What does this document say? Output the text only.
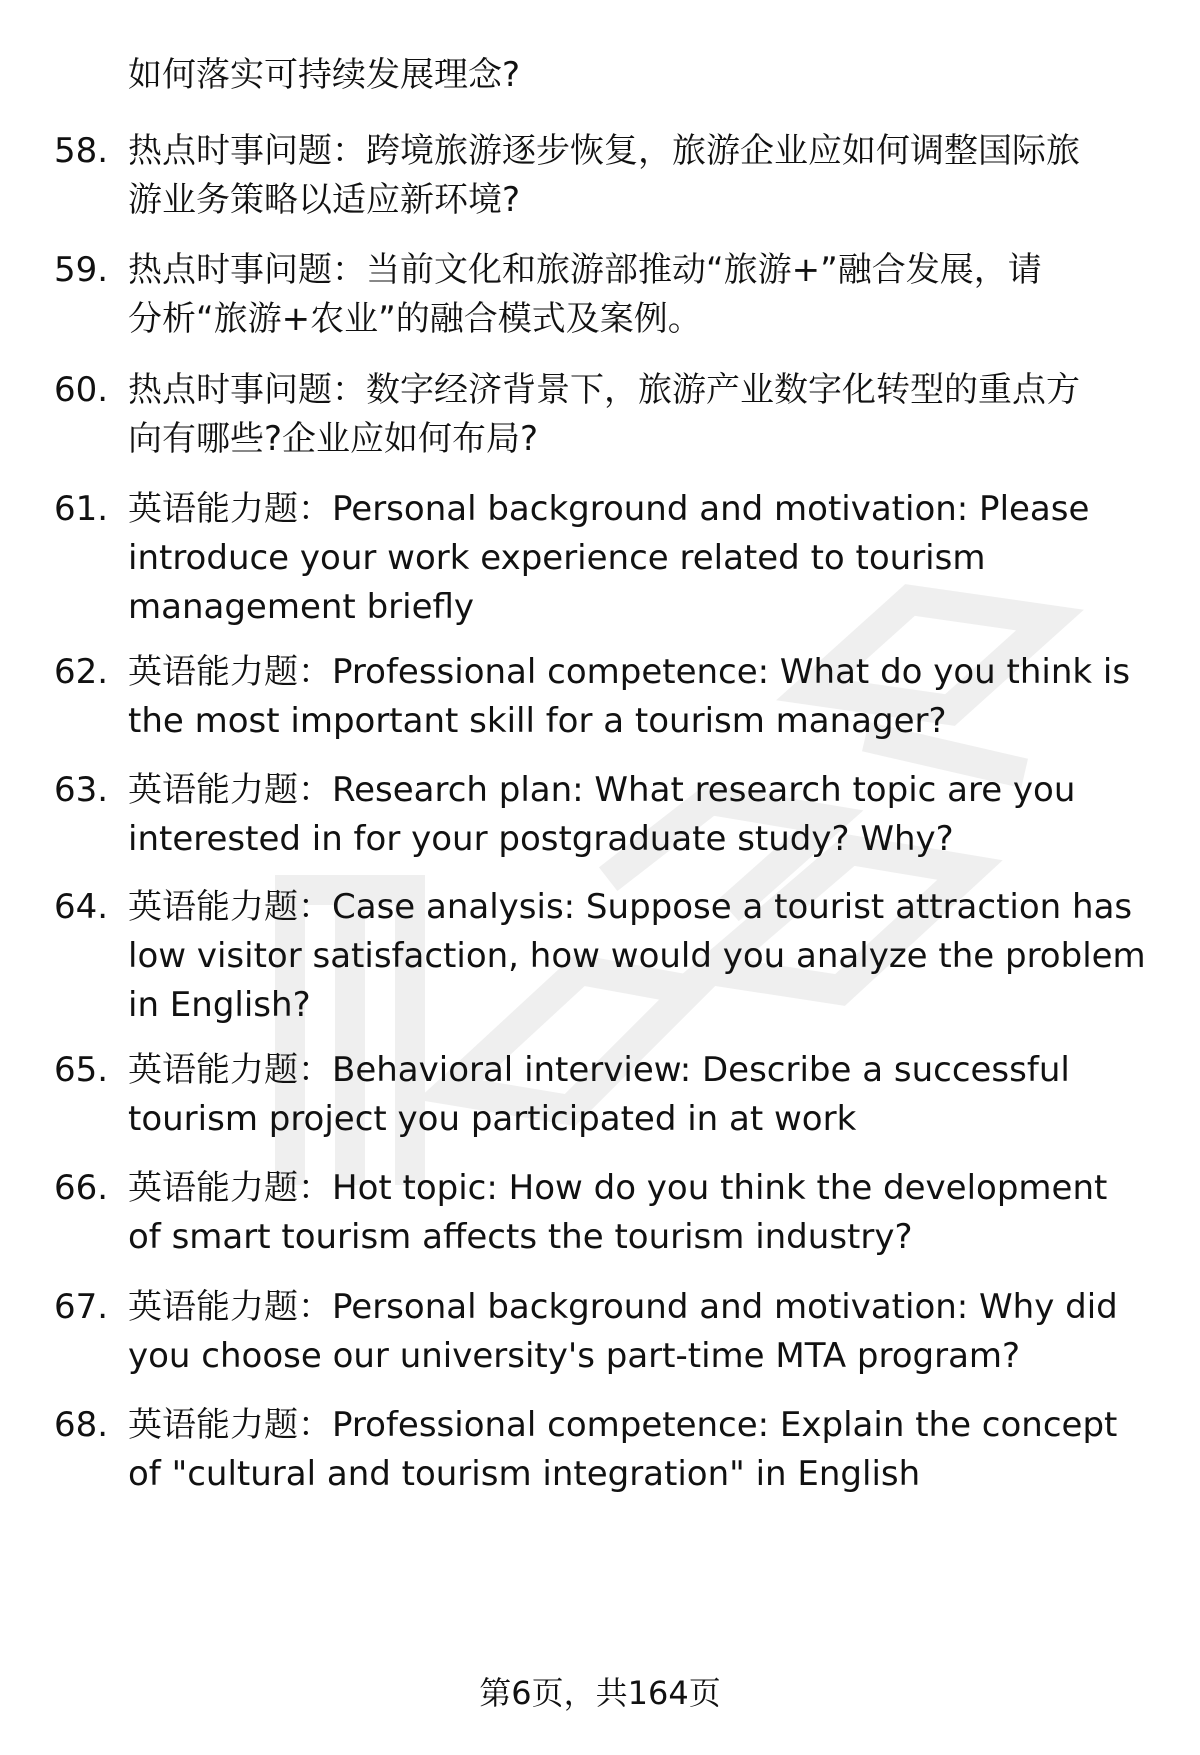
如何落实可持续发展理念?
58. 热点时事问题：跨境旅游逐步恢复，旅游企业应如何调整国际旅
游业务策略以适应新环境?
59. 热点时事问题：当前文化和旅游部推动“旅游+”融合发展，请
分析“旅游+农业”的融合模式及案例。
60. 热点时事问题：数字经济背景下，旅游产业数字化转型的重点方
向有哪些?企业应如何布局?
61. 英语能力题：Personal background and motivation: Please
introduce your work experience related to tourism
management briefly
62. 英语能力题：Professional competence: What do you think is
the most important skill for a tourism manager?
63. 英语能力题：Research plan: What research topic are you
interested in for your postgraduate study? Why?
64. 英语能力题：Case analysis: Suppose a tourist attraction has
low visitor satisfaction, how would you analyze the problem
in English?
65. 英语能力题：Behavioral interview: Describe a successful
tourism project you participated in at work
66. 英语能力题：Hot topic: How do you think the development
of smart tourism affects the tourism industry?
67. 英语能力题：Personal background and motivation: Why did
you choose our university's part-time MTA program?
68. 英语能力题：Professional competence: Explain the concept
of "cultural and tourism integration" in English
第6页，共164页
